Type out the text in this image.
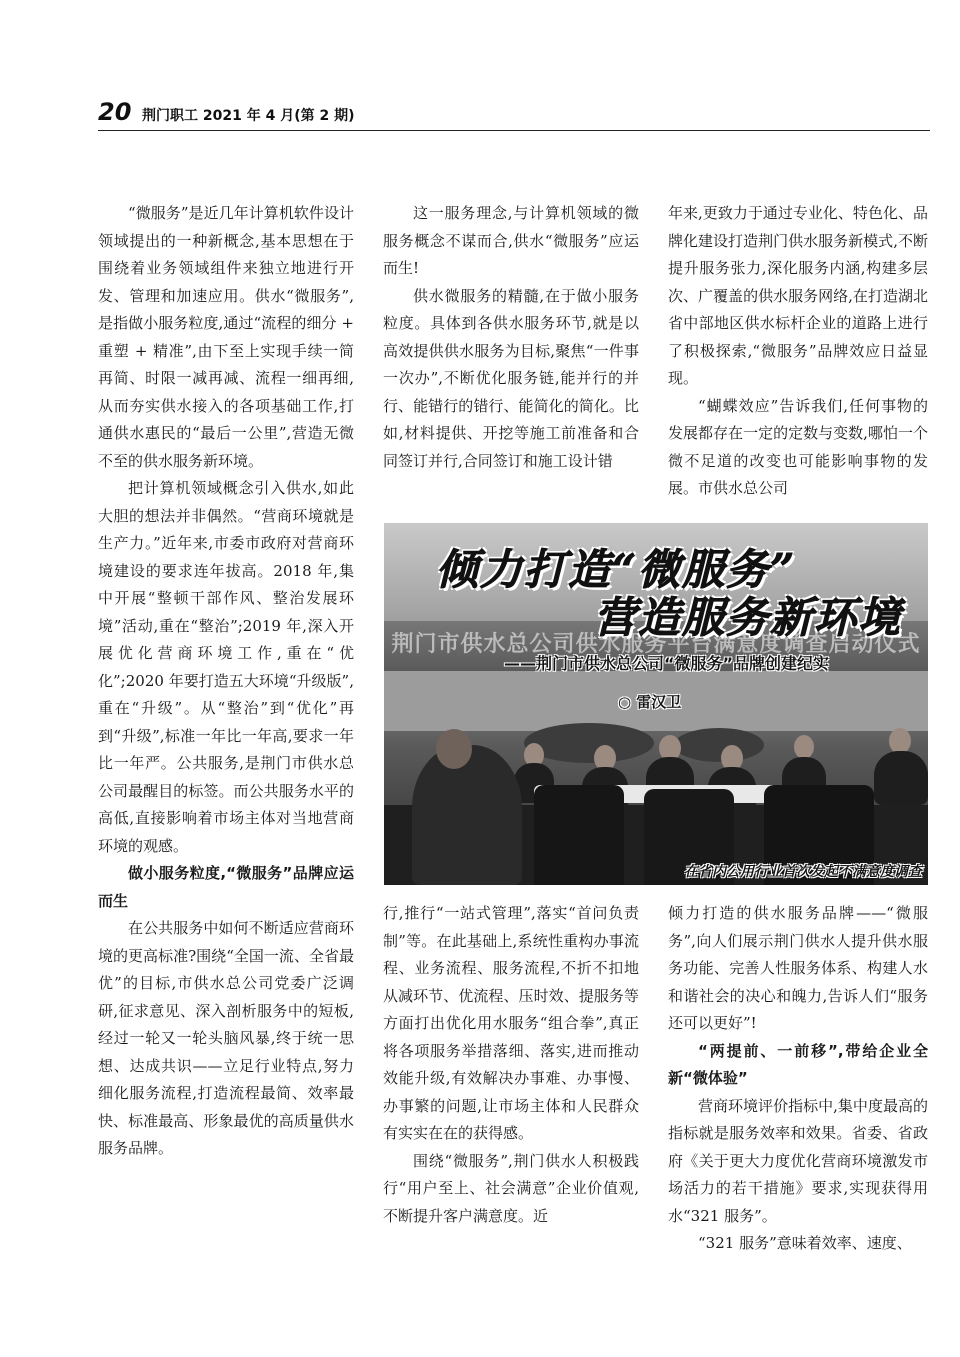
20 荆门职工 2021 年 4 月(第 2 期)

“微服务”是近几年计算机软件设计领域提出的一种新概念,基本思想在于围绕着业务领域组件来独立地进行开发、管理和加速应用。供水“微服务”,是指做小服务粒度,通过“流程的细分 + 重塑 + 精准”,由下至上实现手续一简再简、时限一减再减、流程一细再细,从而夯实供水接入的各项基础工作,打通供水惠民的“最后一公里”,营造无微不至的供水服务新环境。

把计算机领域概念引入供水,如此大胆的想法并非偶然。“营商环境就是生产力。”近年来,市委市政府对营商环境建设的要求连年拔高。2018 年,集中开展“整顿干部作风、整治发展环境”活动,重在“整治”;2019 年,深入开展优化营商环境工作,重在“优化”;2020 年要打造五大环境“升级版”,重在“升级”。从“整治”到“优化”再到“升级”,标准一年比一年高,要求一年比一年严。公共服务,是荆门市供水总公司最醒目的标签。而公共服务水平的高低,直接影响着市场主体对当地营商环境的观感。

做小服务粒度,“微服务”品牌应运而生

在公共服务中如何不断适应营商环境的更高标准?围绕“全国一流、全省最优”的目标,市供水总公司党委广泛调研,征求意见、深入剖析服务中的短板,经过一轮又一轮头脑风暴,终于统一思想、达成共识——立足行业特点,努力细化服务流程,打造流程最简、效率最快、标准最高、形象最优的高质量供水服务品牌。

这一服务理念,与计算机领域的微服务概念不谋而合,供水“微服务”应运而生!

供水微服务的精髓,在于做小服务粒度。具体到各供水服务环节,就是以高效提供供水服务为目标,聚焦“一件事一次办”,不断优化服务链,能并行的并行、能错行的错行、能简化的简化。比如,材料提供、开挖等施工前准备和合同签订并行,合同签订和施工设计错

年来,更致力于通过专业化、特色化、品牌化建设打造荆门供水服务新模式,不断提升服务张力,深化服务内涵,构建多层次、广覆盖的供水服务网络,在打造湖北省中部地区供水标杆企业的道路上进行了积极探索,“微服务”品牌效应日益显现。

“蝴蝶效应”告诉我们,任何事物的发展都存在一定的定数与变数,哪怕一个微不足道的改变也可能影响事物的发展。市供水总公司

荆门市供水总公司供水服务平台满意度调查启动仪式
倾力打造“微服务”
营造服务新环境
——荆门市供水总公司“微服务”品牌创建纪实
○ 雷汉卫
在省内公用行业首次发起不满意度调查

行,推行“一站式管理”,落实“首问负责制”等。在此基础上,系统性重构办事流程、业务流程、服务流程,不折不扣地从减环节、优流程、压时效、提服务等方面打出优化用水服务“组合拳”,真正将各项服务举措落细、落实,进而推动效能升级,有效解决办事难、办事慢、办事繁的问题,让市场主体和人民群众有实实在在的获得感。

围绕“微服务”,荆门供水人积极践行“用户至上、社会满意”企业价值观,不断提升客户满意度。近

倾力打造的供水服务品牌——“微服务”,向人们展示荆门供水人提升供水服务功能、完善人性服务体系、构建人水和谐社会的决心和魄力,告诉人们“服务还可以更好”!

“两提前、一前移”,带给企业全新“微体验”

营商环境评价指标中,集中度最高的指标就是服务效率和效果。省委、省政府《关于更大力度优化营商环境激发市场活力的若干措施》要求,实现获得用水“321 服务”。

“321 服务”意味着效率、速度、
